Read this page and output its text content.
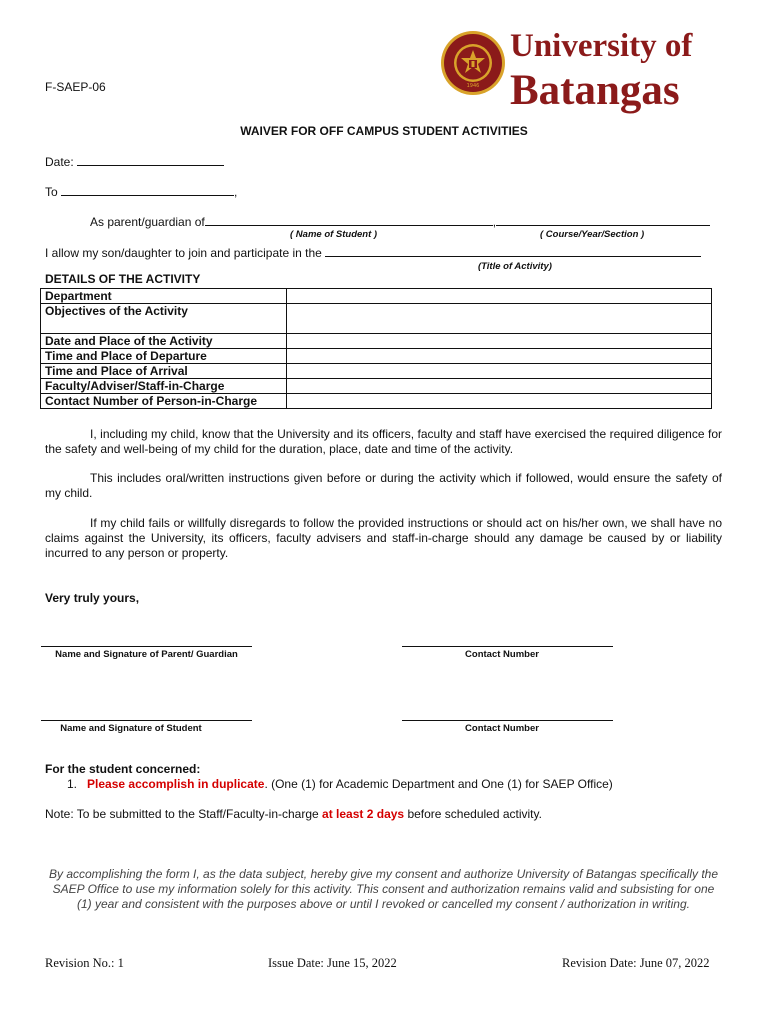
F-SAEP-06	1946
University of
Batangas
WAIVER FOR OFF CAMPUS STUDENT ACTIVITIES
Date:
To	,
As parent/guardian of	,
( Name of Student )	( Course/Year/Section )
I allow my son/daughter to join and participate in the
(Title of Activity)
DETAILS OF THE ACTIVITY
Department	
Objectives of the Activity	
Date and Place of the Activity	
Time and Place of Departure	
Time and Place of Arrival	
Faculty/Adviser/Staff-in-Charge	
Contact Number of Person-in-Charge	
I, including my child, know that the University and its officers, faculty and staff have exercised the required diligence for the safety and well-being of my child for the duration, place, date and time of the activity.
This includes oral/written instructions given before or during the activity which if followed, would ensure the safety of my child.
If my child fails or willfully disregards to follow the provided instructions or should act on his/her own, we shall have no claims against the University, its officers, faculty advisers and staff-in-charge should any damage be caused by or liability incurred to any person or property.
Very truly yours,
Name and Signature of Parent/ Guardian	Contact Number
Name and Signature of Student	Contact Number
For the student concerned:
1. Please accomplish in duplicate. (One (1) for Academic Department and One (1) for SAEP Office)
Note: To be submitted to the Staff/Faculty-in-charge at least 2 days before scheduled activity.
By accomplishing the form I, as the data subject, hereby give my consent and authorize University of Batangas specifically the SAEP Office to use my information solely for this activity. This consent and authorization remains valid and subsisting for one (1) year and consistent with the purposes above or until I revoked or cancelled my consent / authorization in writing.
Revision No.: 1	Issue Date: June 15, 2022	Revision Date: June 07, 2022
